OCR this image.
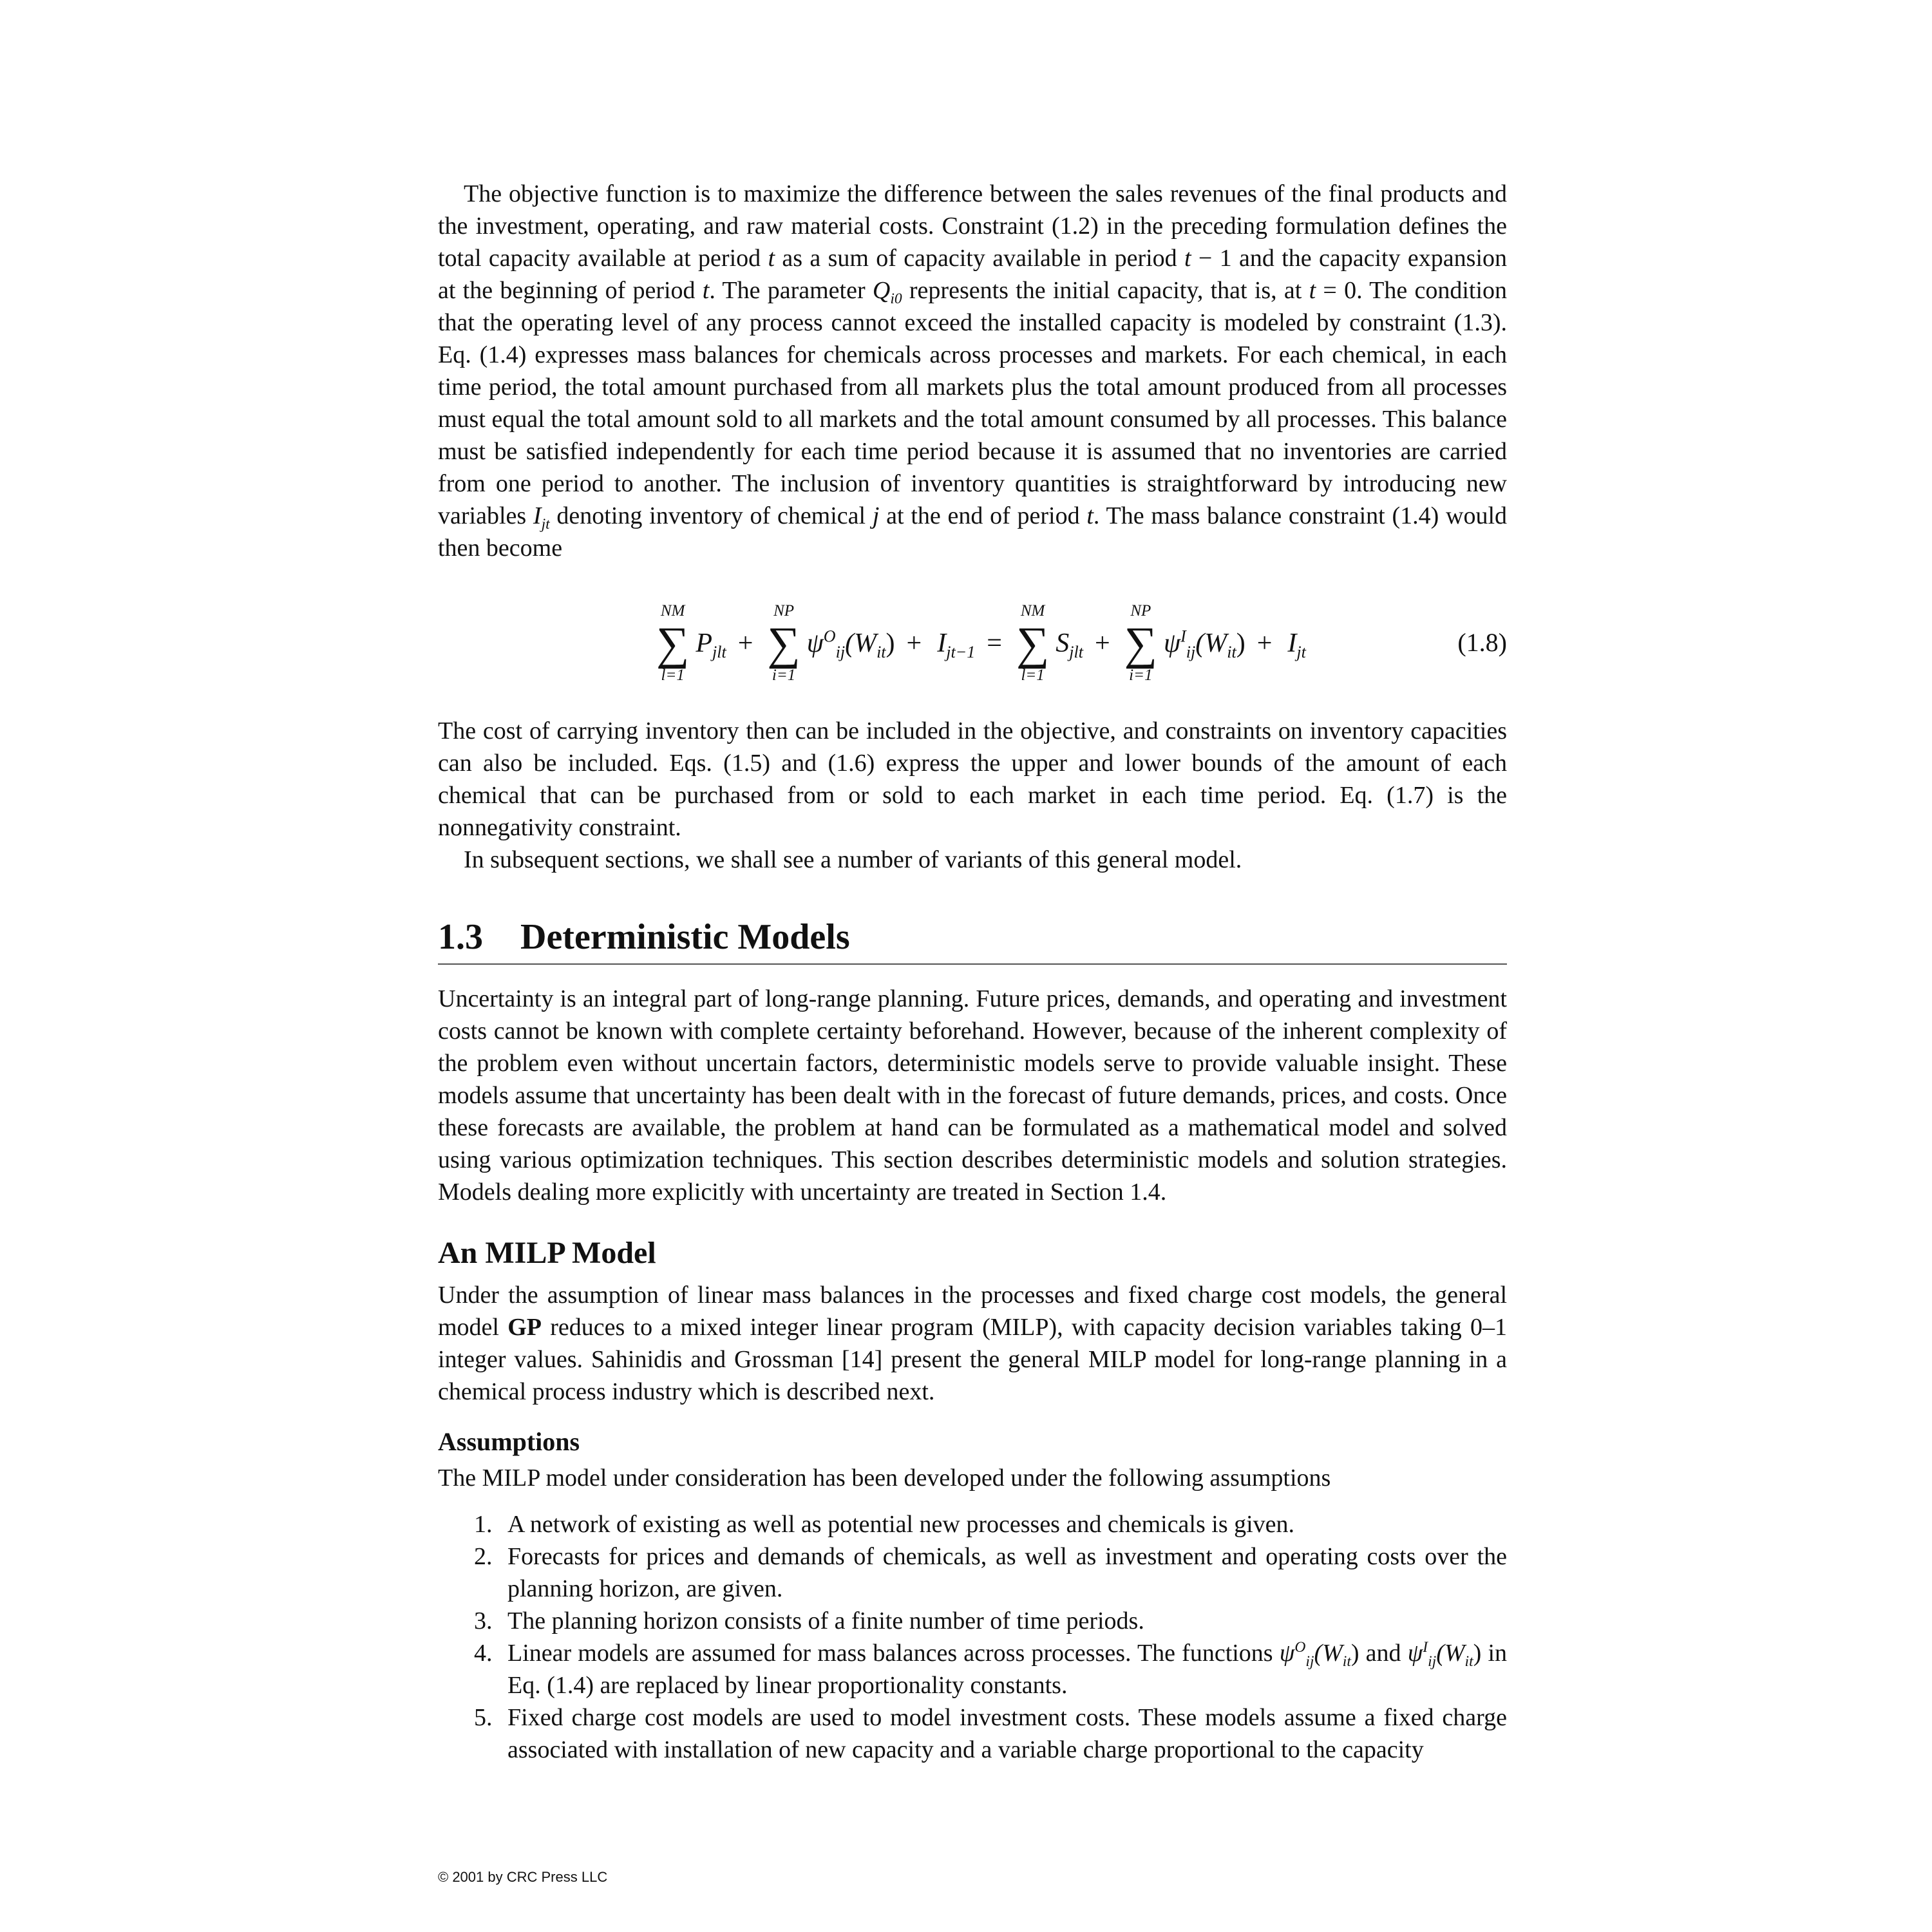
The objective function is to maximize the difference between the sales revenues of the final products and the investment, operating, and raw material costs. Constraint (1.2) in the preceding formulation defines the total capacity available at period t as a sum of capacity available in period t − 1 and the capacity expansion at the beginning of period t. The parameter $Q_{i0}$ represents the initial capacity, that is, at t = 0. The condition that the operating level of any process cannot exceed the installed capacity is modeled by constraint (1.3). Eq. (1.4) expresses mass balances for chemicals across processes and markets. For each chemical, in each time period, the total amount purchased from all markets plus the total amount produced from all processes must equal the total amount sold to all markets and the total amount consumed by all processes. This balance must be satisfied independently for each time period because it is assumed that no inventories are carried from one period to another. The inclusion of inventory quantities is straightforward by introducing new variables $I_{jt}$ denoting inventory of chemical j at the end of period t. The mass balance constraint (1.4) would then become

NM
∑
l=1
$P_{jlt}$ +
NP
∑
i=1
$\psi^O_{ij}(W_{it}) + I_{jt-1}$ =
NM
∑
l=1
$S_{jlt}$ +
NP
∑
i=1
$\psi^I_{ij}(W_{it}) + I_{jt}$	(1.8)

The cost of carrying inventory then can be included in the objective, and constraints on inventory capacities can also be included. Eqs. (1.5) and (1.6) express the upper and lower bounds of the amount of each chemical that can be purchased from or sold to each market in each time period. Eq. (1.7) is the nonnegativity constraint.

In subsequent sections, we shall see a number of variants of this general model.

1.3 Deterministic Models

Uncertainty is an integral part of long-range planning. Future prices, demands, and operating and investment costs cannot be known with complete certainty beforehand. However, because of the inherent complexity of the problem even without uncertain factors, deterministic models serve to provide valuable insight. These models assume that uncertainty has been dealt with in the forecast of future demands, prices, and costs. Once these forecasts are available, the problem at hand can be formulated as a mathematical model and solved using various optimization techniques. This section describes deterministic models and solution strategies. Models dealing more explicitly with uncertainty are treated in Section 1.4.

An MILP Model

Under the assumption of linear mass balances in the processes and fixed charge cost models, the general model GP reduces to a mixed integer linear program (MILP), with capacity decision variables taking 0–1 integer values. Sahinidis and Grossman [14] present the general MILP model for long-range planning in a chemical process industry which is described next.

Assumptions

The MILP model under consideration has been developed under the following assumptions

1. A network of existing as well as potential new processes and chemicals is given.
2. Forecasts for prices and demands of chemicals, as well as investment and operating costs over the planning horizon, are given.
3. The planning horizon consists of a finite number of time periods.
4. Linear models are assumed for mass balances across processes. The functions $\psi^O_{ij}(W_{it})$ and $\psi^I_{ij}(W_{it})$ in Eq. (1.4) are replaced by linear proportionality constants.
5. Fixed charge cost models are used to model investment costs. These models assume a fixed charge associated with installation of new capacity and a variable charge proportional to the capacity
© 2001 by CRC Press LLC
